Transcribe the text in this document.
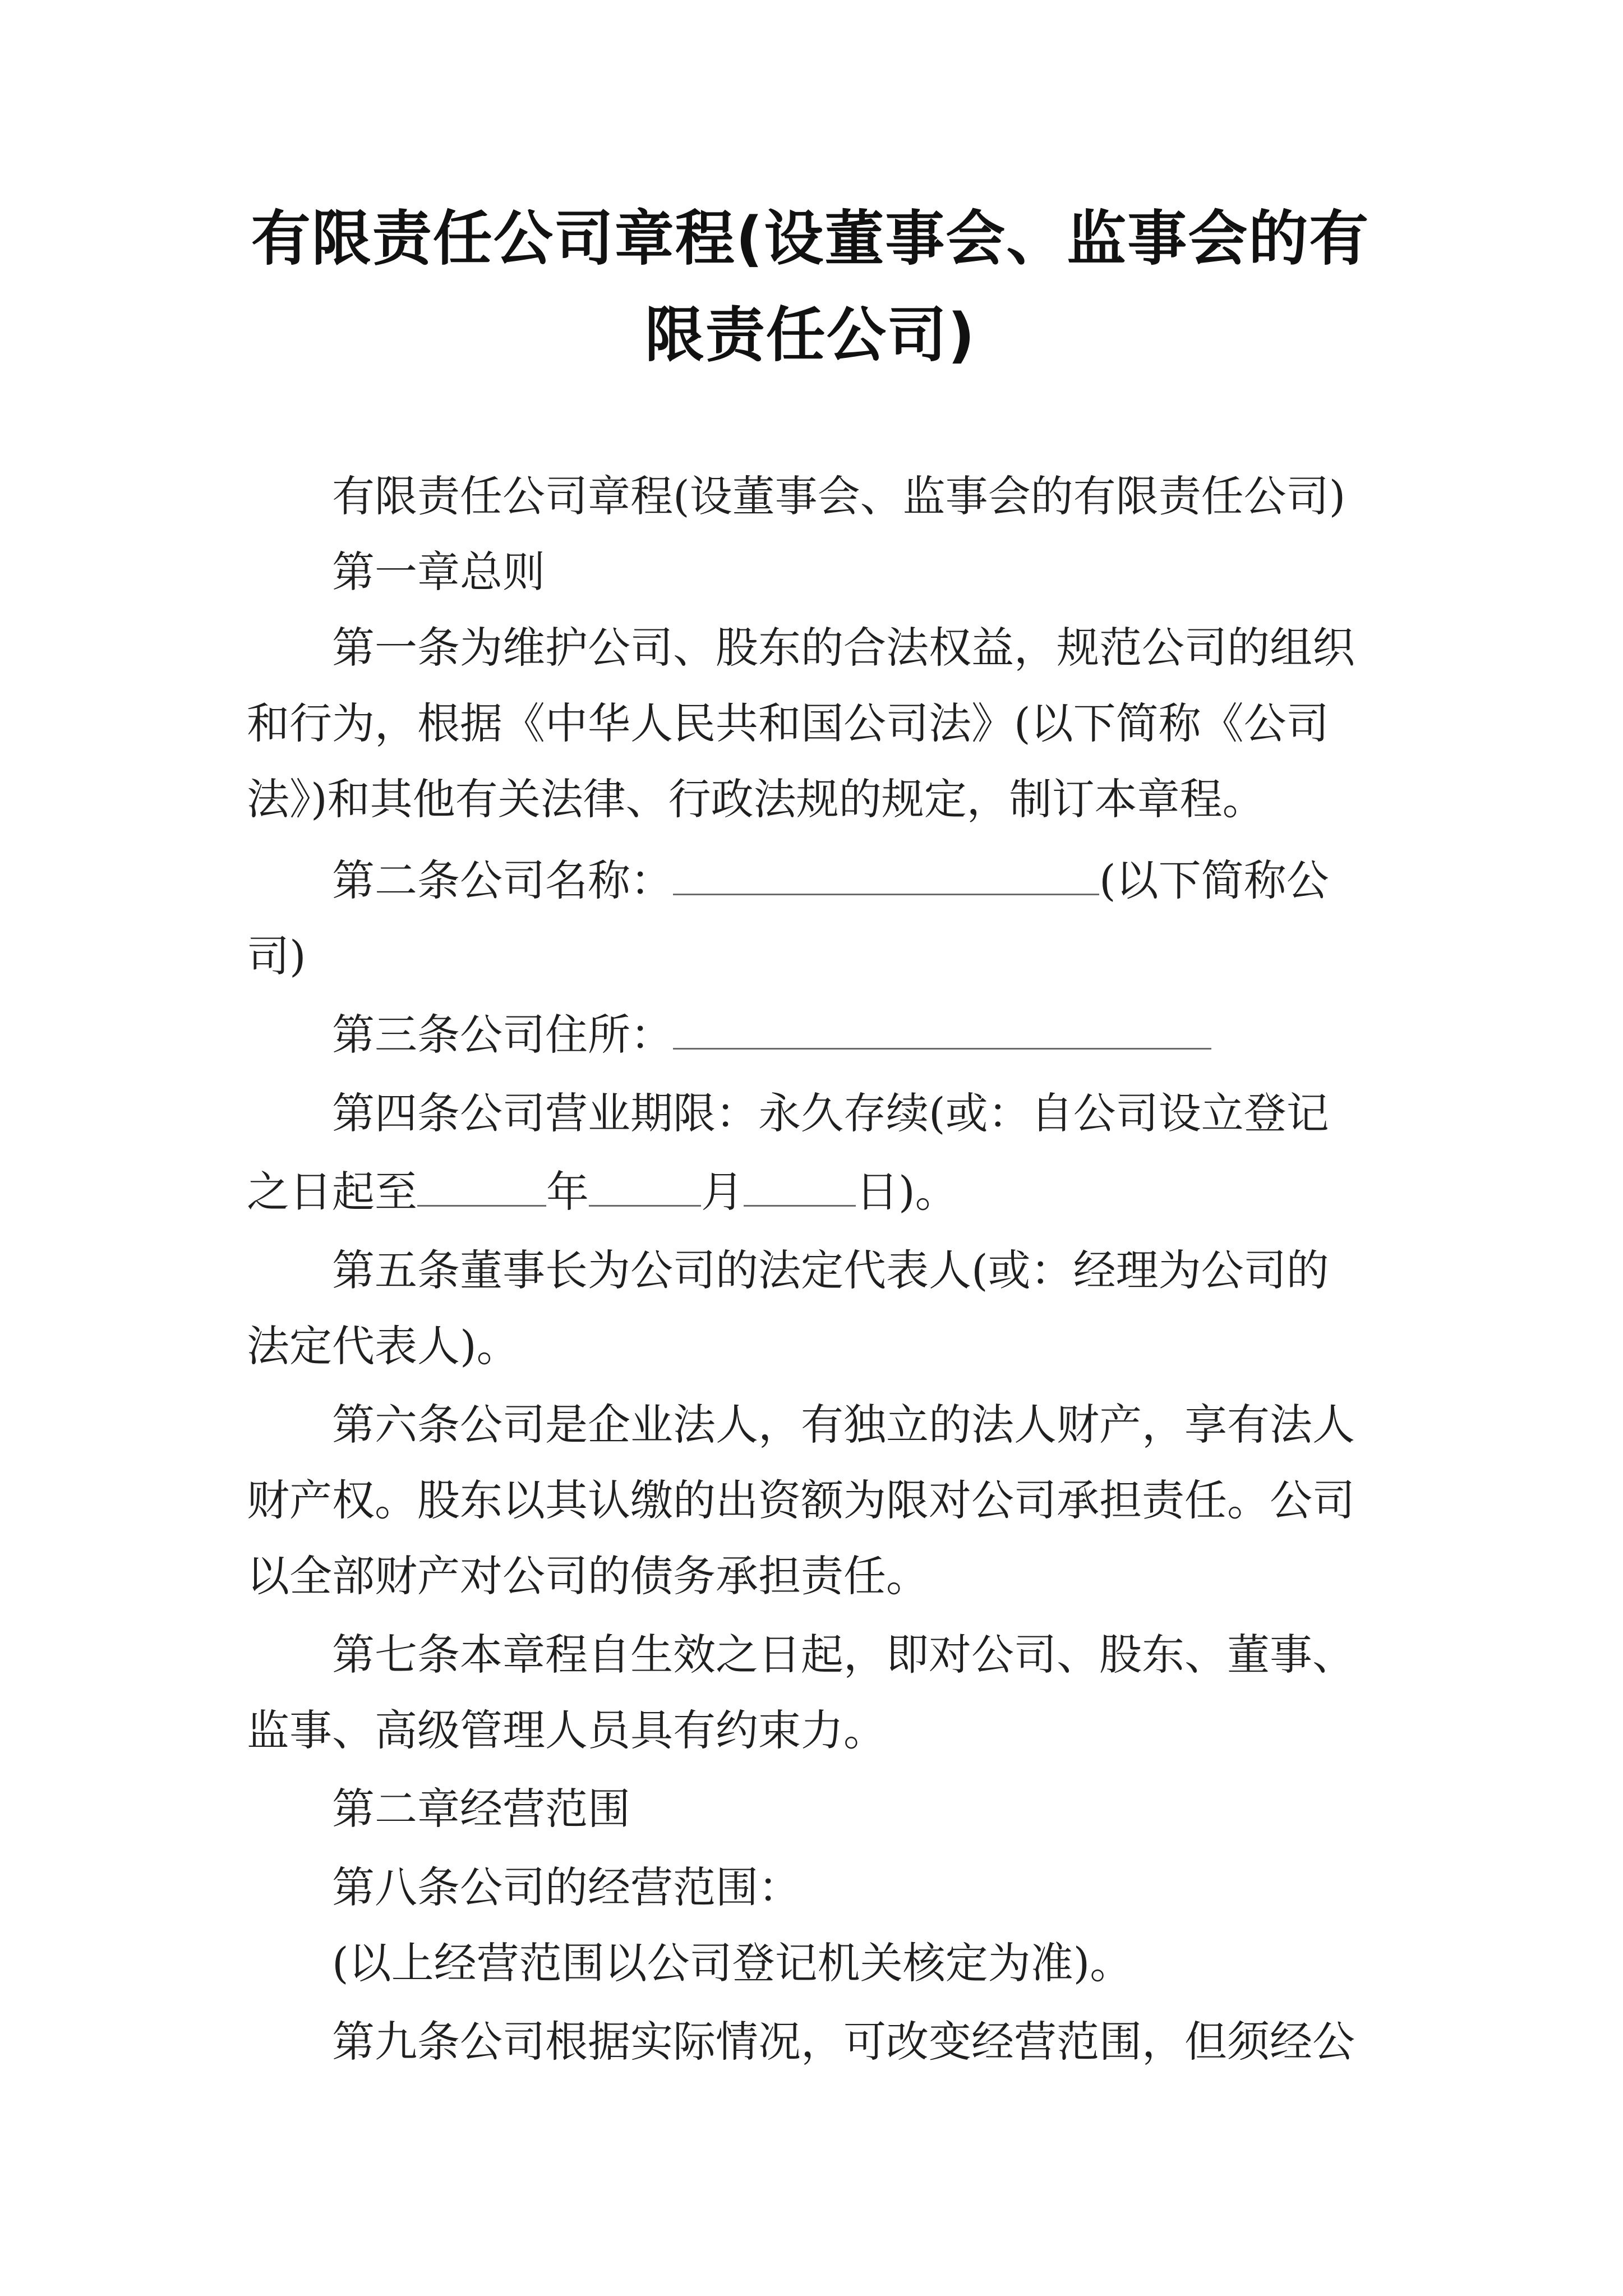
有限责任公司章程(设董事会、监事会的有
限责任公司)
有限责任公司章程(设董事会、监事会的有限责任公司)
第一章总则
第一条为维护公司、股东的合法权益，规范公司的组织
和行为，根据《中华人民共和国公司法》(以下简称《公司
法》)和其他有关法律、行政法规的规定，制订本章程。
第二条公司名称：	(以下简称公
司)
第三条公司住所：
第四条公司营业期限：永久存续(或：自公司设立登记
之日起至	年	月	日)。
第五条董事长为公司的法定代表人(或：经理为公司的
法定代表人)。
第六条公司是企业法人，有独立的法人财产，享有法人
财产权。股东以其认缴的出资额为限对公司承担责任。公司
以全部财产对公司的债务承担责任。
第七条本章程自生效之日起，即对公司、股东、董事、
监事、高级管理人员具有约束力。
第二章经营范围
第八条公司的经营范围：
(以上经营范围以公司登记机关核定为准)。
第九条公司根据实际情况，可改变经营范围，但须经公
